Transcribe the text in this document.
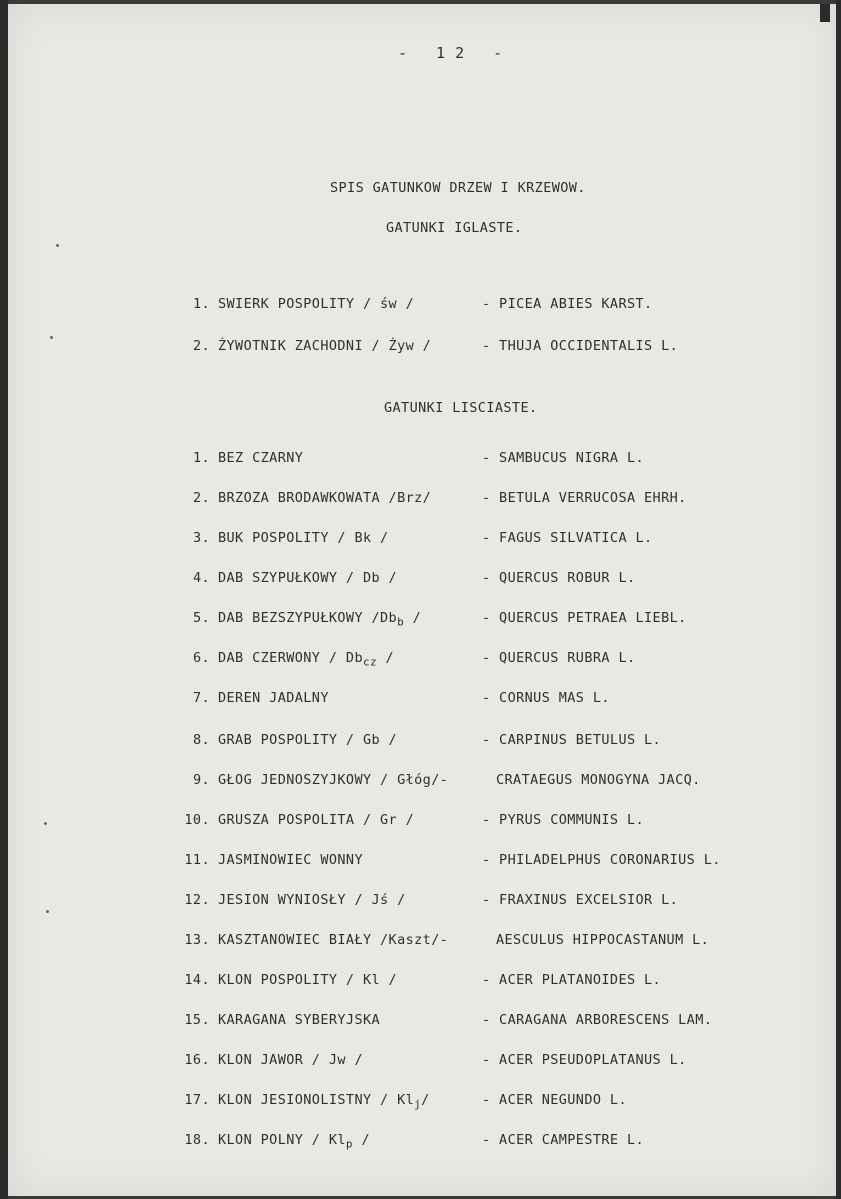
- 12 -
SPIS GATUNKOW DRZEW I KRZEWOW.
GATUNKI IGLASTE.
GATUNKI LISCIASTE.
1. SWIERK POSPOLITY / św /	- PICEA ABIES KARST.
2. ŻYWOTNIK ZACHODNI / Żyw /	- THUJA OCCIDENTALIS L.
1. BEZ CZARNY	- SAMBUCUS NIGRA L.
2. BRZOZA BRODAWKOWATA /Brz/	- BETULA VERRUCOSA EHRH.
3. BUK POSPOLITY / Bk /	- FAGUS SILVATICA L.
4. DAB SZYPUŁKOWY / Db /	- QUERCUS ROBUR L.
5. DAB BEZSZYPUŁKOWY $/Db_b$ /	- QUERCUS PETRAEA LIEBL.
6. DAB CZERWONY / $Db_{cz}$ /	- QUERCUS RUBRA L.
7. DEREN JADALNY	- CORNUS MAS L.
8. GRAB POSPOLITY / Gb /	- CARPINUS BETULUS L.
9. GŁOG JEDNOSZYJKOWY / Głóg/-	CRATAEGUS MONOGYNA JACQ.
10. GRUSZA POSPOLITA / Gr /	- PYRUS COMMUNIS L.
11. JASMINOWIEC WONNY	- PHILADELPHUS CORONARIUS L.
12. JESION WYNIOSŁY / Jś /	- FRAXINUS EXCELSIOR L.
13. KASZTANOWIEC BIAŁY /Kaszt/-	AESCULUS HIPPOCASTANUM L.
14. KLON POSPOLITY / Kl /	- ACER PLATANOIDES L.
15. KARAGANA SYBERYJSKA	- CARAGANA ARBORESCENS LAM.
16. KLON JAWOR / Jw /	- ACER PSEUDOPLATANUS L.
17. KLON JESIONOLISTNY / $Kl_j/$	- ACER NEGUNDO L.
18. KLON POLNY / $Kl_p$ /	- ACER CAMPESTRE L.
